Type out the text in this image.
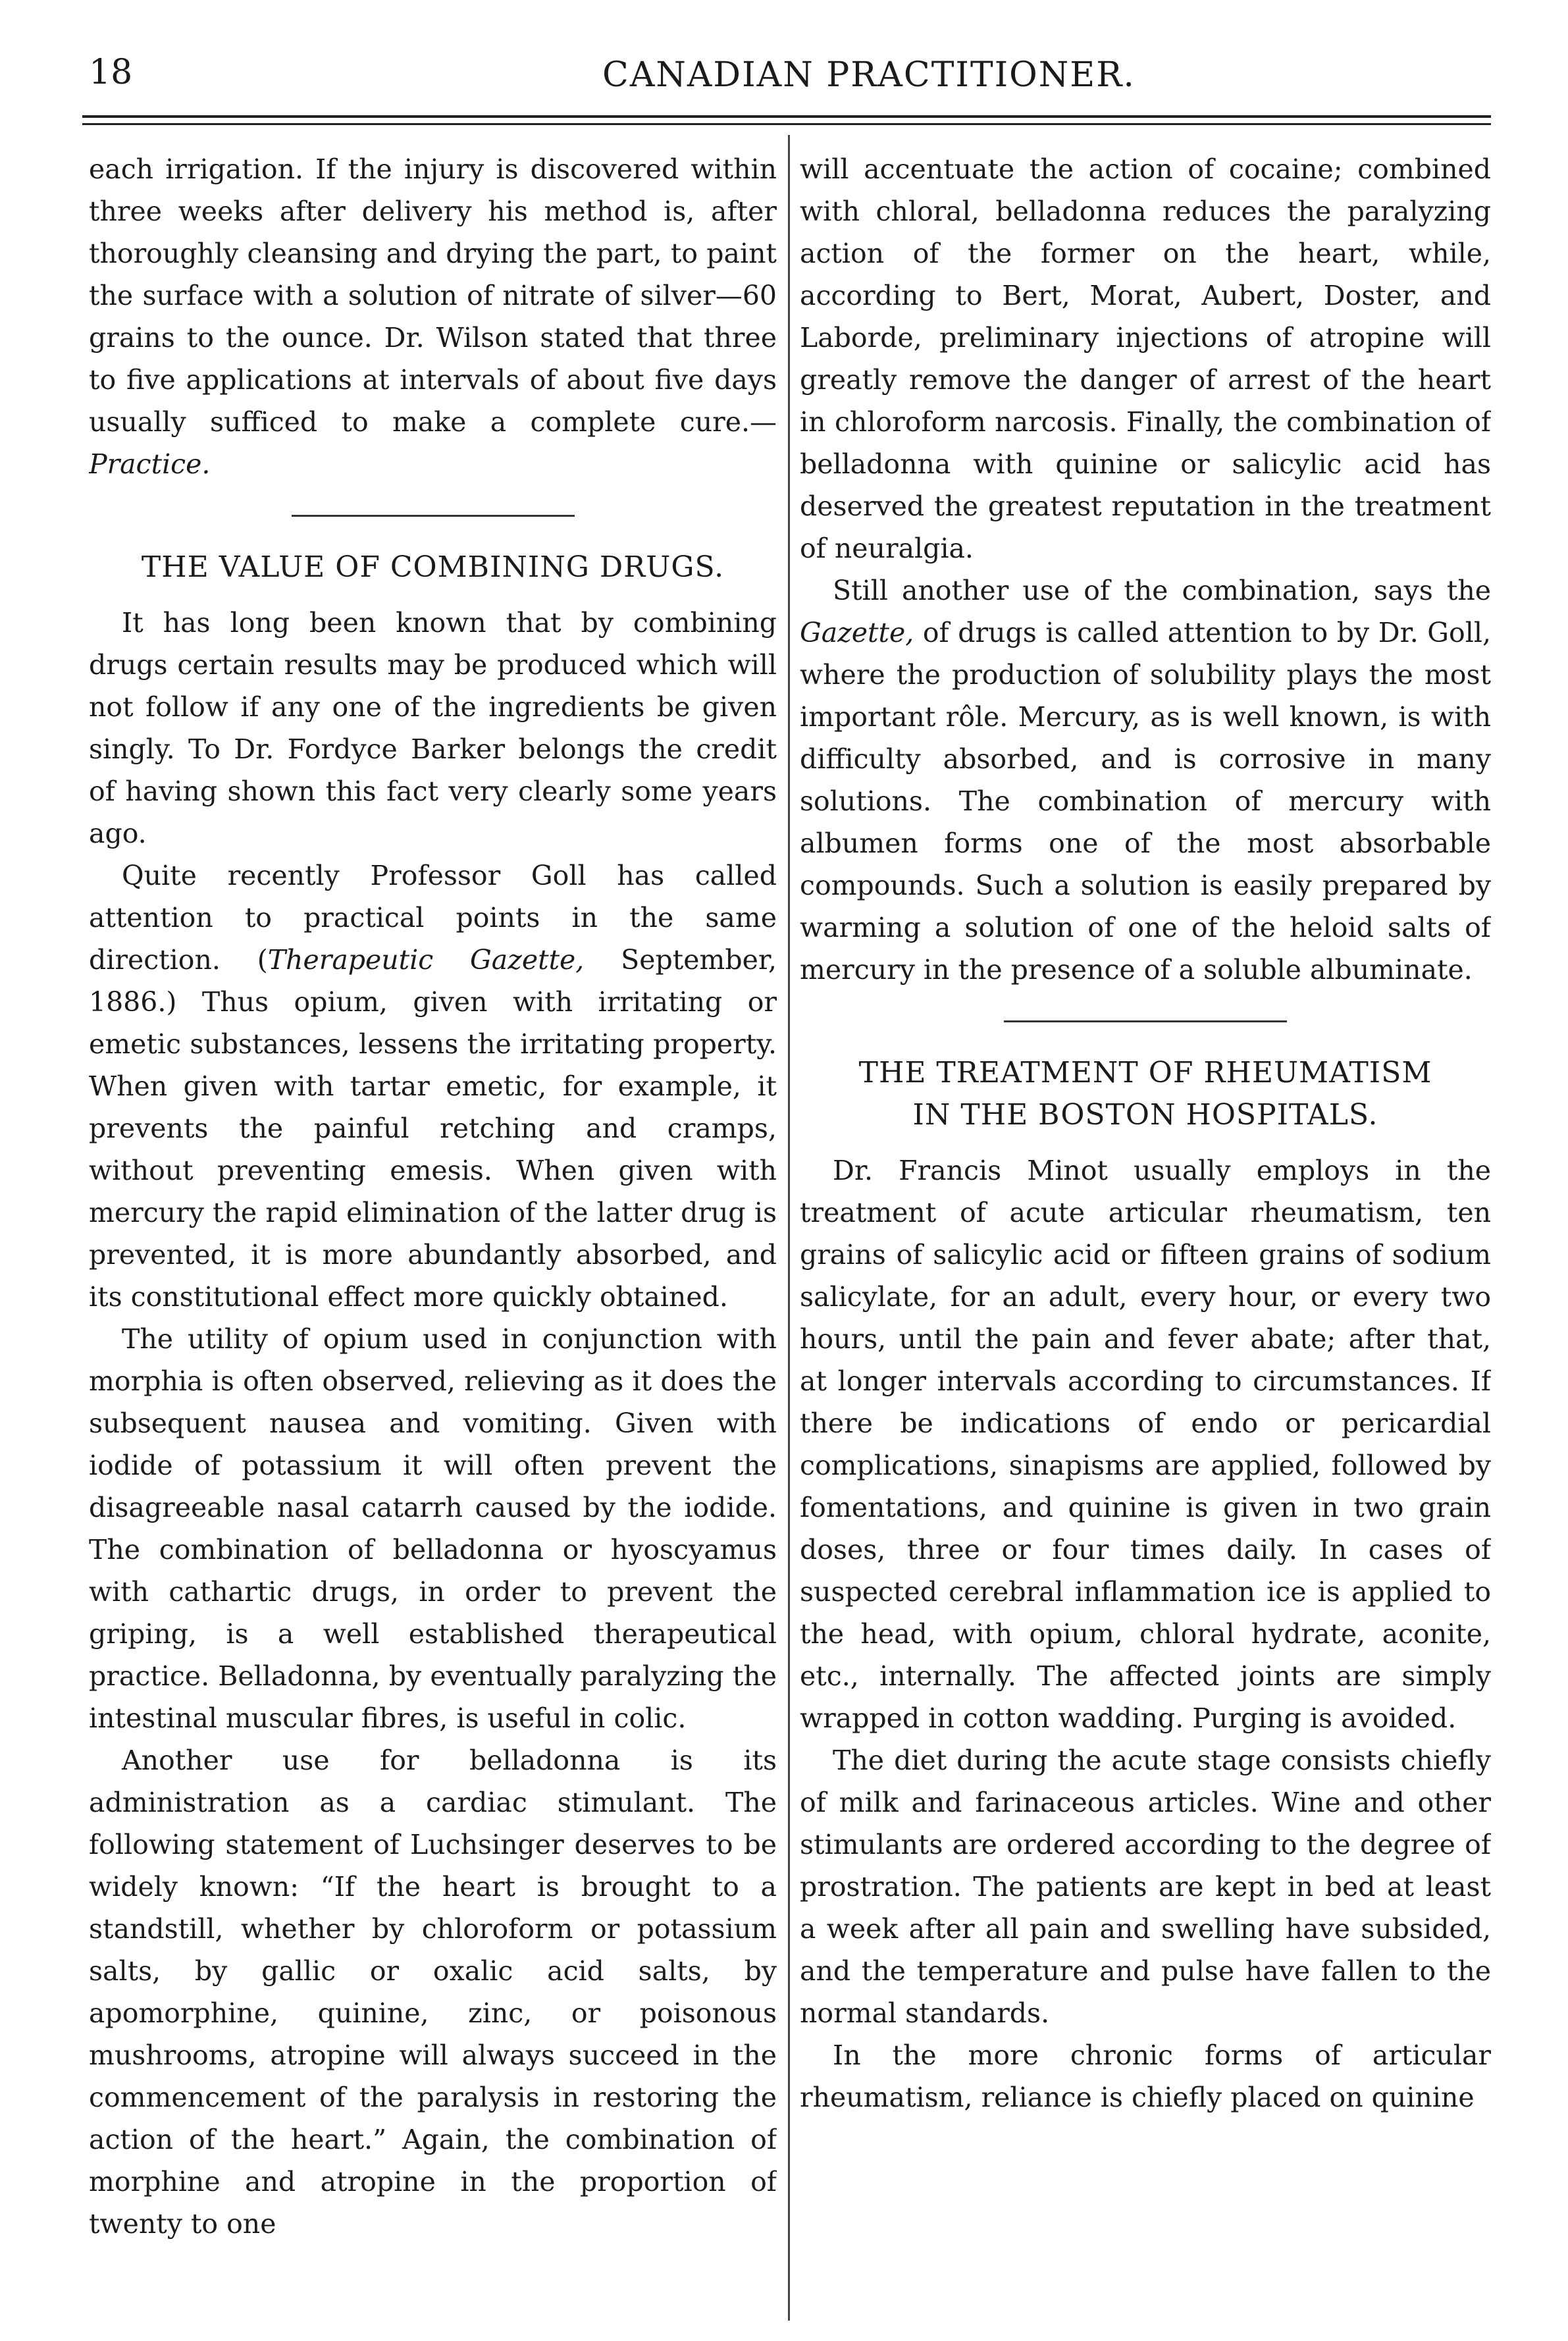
18	CANADIAN PRACTITIONER.

each irrigation. If the injury is discovered within three weeks after delivery his method is, after thoroughly cleansing and drying the part, to paint the surface with a solution of nitrate of silver—60 grains to the ounce. Dr. Wilson stated that three to five applications at intervals of about five days usually sufficed to make a complete cure.—Practice.

THE VALUE OF COMBINING DRUGS.

It has long been known that by combining drugs certain results may be produced which will not follow if any one of the ingredients be given singly. To Dr. Fordyce Barker belongs the credit of having shown this fact very clearly some years ago.

Quite recently Professor Goll has called attention to practical points in the same direction. (Therapeutic Gazette, September, 1886.) Thus opium, given with irritating or emetic substances, lessens the irritating property. When given with tartar emetic, for example, it prevents the painful retching and cramps, without preventing emesis. When given with mercury the rapid elimination of the latter drug is prevented, it is more abundantly absorbed, and its constitutional effect more quickly obtained.

The utility of opium used in conjunction with morphia is often observed, relieving as it does the subsequent nausea and vomiting. Given with iodide of potassium it will often prevent the disagreeable nasal catarrh caused by the iodide. The combination of belladonna or hyoscyamus with cathartic drugs, in order to prevent the griping, is a well established therapeutical practice. Belladonna, by eventually paralyzing the intestinal muscular fibres, is useful in colic.

Another use for belladonna is its administration as a cardiac stimulant. The following statement of Luchsinger deserves to be widely known: “If the heart is brought to a standstill, whether by chloroform or potassium salts, by gallic or oxalic acid salts, by apomorphine, quinine, zinc, or poisonous mushrooms, atropine will always succeed in the commencement of the paralysis in restoring the action of the heart.” Again, the combination of morphine and atropine in the proportion of twenty to one

will accentuate the action of cocaine; combined with chloral, belladonna reduces the paralyzing action of the former on the heart, while, according to Bert, Morat, Aubert, Doster, and Laborde, preliminary injections of atropine will greatly remove the danger of arrest of the heart in chloroform narcosis. Finally, the combination of belladonna with quinine or salicylic acid has deserved the greatest reputation in the treatment of neuralgia.

Still another use of the combination, says the Gazette, of drugs is called attention to by Dr. Goll, where the production of solubility plays the most important rôle. Mercury, as is well known, is with difficulty absorbed, and is corrosive in many solutions. The combination of mercury with albumen forms one of the most absorbable compounds. Such a solution is easily prepared by warming a solution of one of the heloid salts of mercury in the presence of a soluble albuminate.

THE TREATMENT OF RHEUMATISM
IN THE BOSTON HOSPITALS.

Dr. Francis Minot usually employs in the treatment of acute articular rheumatism, ten grains of salicylic acid or fifteen grains of sodium salicylate, for an adult, every hour, or every two hours, until the pain and fever abate; after that, at longer intervals according to circumstances. If there be indications of endo or pericardial complications, sinapisms are applied, followed by fomentations, and quinine is given in two grain doses, three or four times daily. In cases of suspected cerebral inflammation ice is applied to the head, with opium, chloral hydrate, aconite, etc., internally. The affected joints are simply wrapped in cotton wadding. Purging is avoided.

The diet during the acute stage consists chiefly of milk and farinaceous articles. Wine and other stimulants are ordered according to the degree of prostration. The patients are kept in bed at least a week after all pain and swelling have subsided, and the temperature and pulse have fallen to the normal standards.

In the more chronic forms of articular rheumatism, reliance is chiefly placed on quinine
